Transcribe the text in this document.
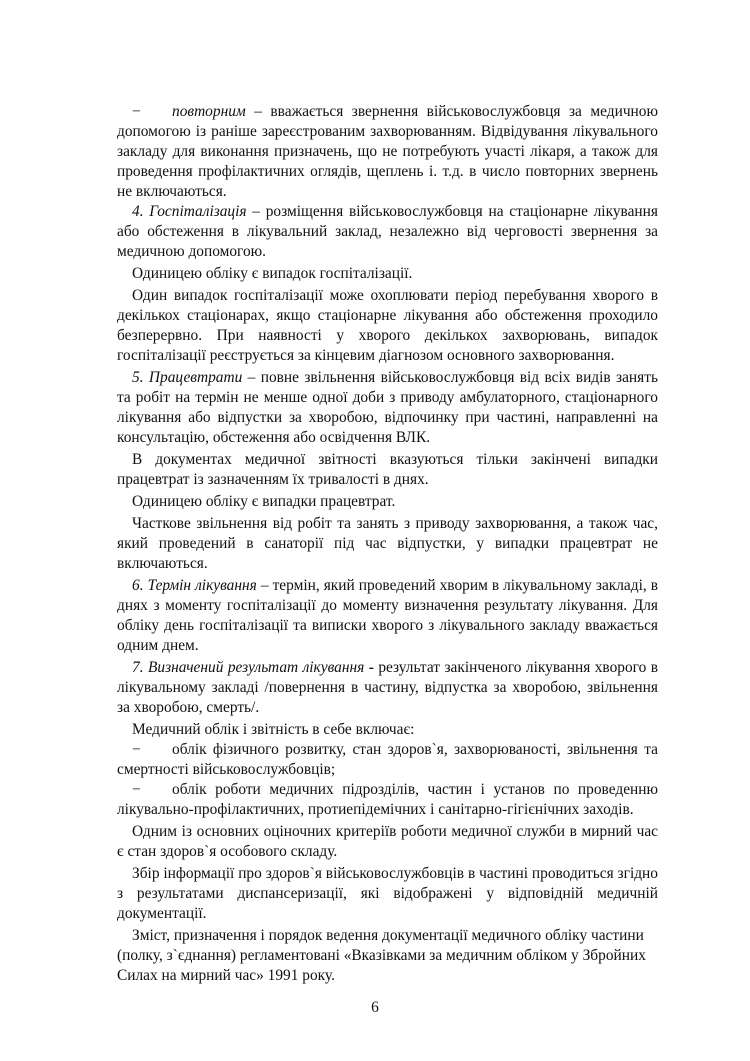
− повторним – вважається звернення військовослужбовця за медичною допомогою із раніше зареєстрованим захворюванням. Відвідування лікувального закладу для виконання призначень, що не потребують участі лікаря, а також для проведення профілактичних оглядів, щеплень і. т.д. в число повторних звернень не включаються.

4. Госпіталізація – розміщення військовослужбовця на стаціонарне лікування або обстеження в лікувальний заклад, незалежно від черговості звернення за медичною допомогою.

Одиницею обліку є випадок госпіталізації.

Один випадок госпіталізації може охоплювати період перебування хворого в декількох стаціонарах, якщо стаціонарне лікування або обстеження проходило безперервно. При наявності у хворого декількох захворювань, випадок госпіталізації реєструється за кінцевим діагнозом основного захворювання.

5. Працевтрати – повне звільнення військовослужбовця від всіх видів занять та робіт на термін не менше одної доби з приводу амбулаторного, стаціонарного лікування або відпустки за хворобою, відпочинку при частині, направленні на консультацію, обстеження або освідчення ВЛК.

В документах медичної звітності вказуються тільки закінчені випадки працевтрат із зазначенням їх тривалості в днях.

Одиницею обліку є випадки працевтрат.

Часткове звільнення від робіт та занять з приводу захворювання, а також час, який проведений в санаторії під час відпустки, у випадки працевтрат не включаються.

6. Термін лікування – термін, який проведений хворим в лікувальному закладі, в днях з моменту госпіталізації до моменту визначення результату лікування. Для обліку день госпіталізації та виписки хворого з лікувального закладу вважається одним днем.

7. Визначений результат лікування - результат закінченого лікування хворого в лікувальному закладі /повернення в частину, відпустка за хворобою, звільнення за хворобою, смерть/.

Медичний облік і звітність в себе включає:

− облік фізичного розвитку, стан здоров`я, захворюваності, звільнення та смертності військовослужбовців;

− облік роботи медичних підрозділів, частин і установ по проведенню лікувально-профілактичних, протиепідемічних і санітарно-гігієнічних заходів.

Одним із основних оціночних критеріїв роботи медичної служби в мирний час є стан здоров`я особового складу.

Збір інформації про здоров`я військовослужбовців в частині проводиться згідно з результатами диспансеризації, які відображені у відповідній медичній документації.

Зміст, призначення і порядок ведення документації медичного обліку частини (полку, з`єднання) регламентовані «Вказівками за медичним обліком у Збройних Силах на мирний час» 1991 року.

6
